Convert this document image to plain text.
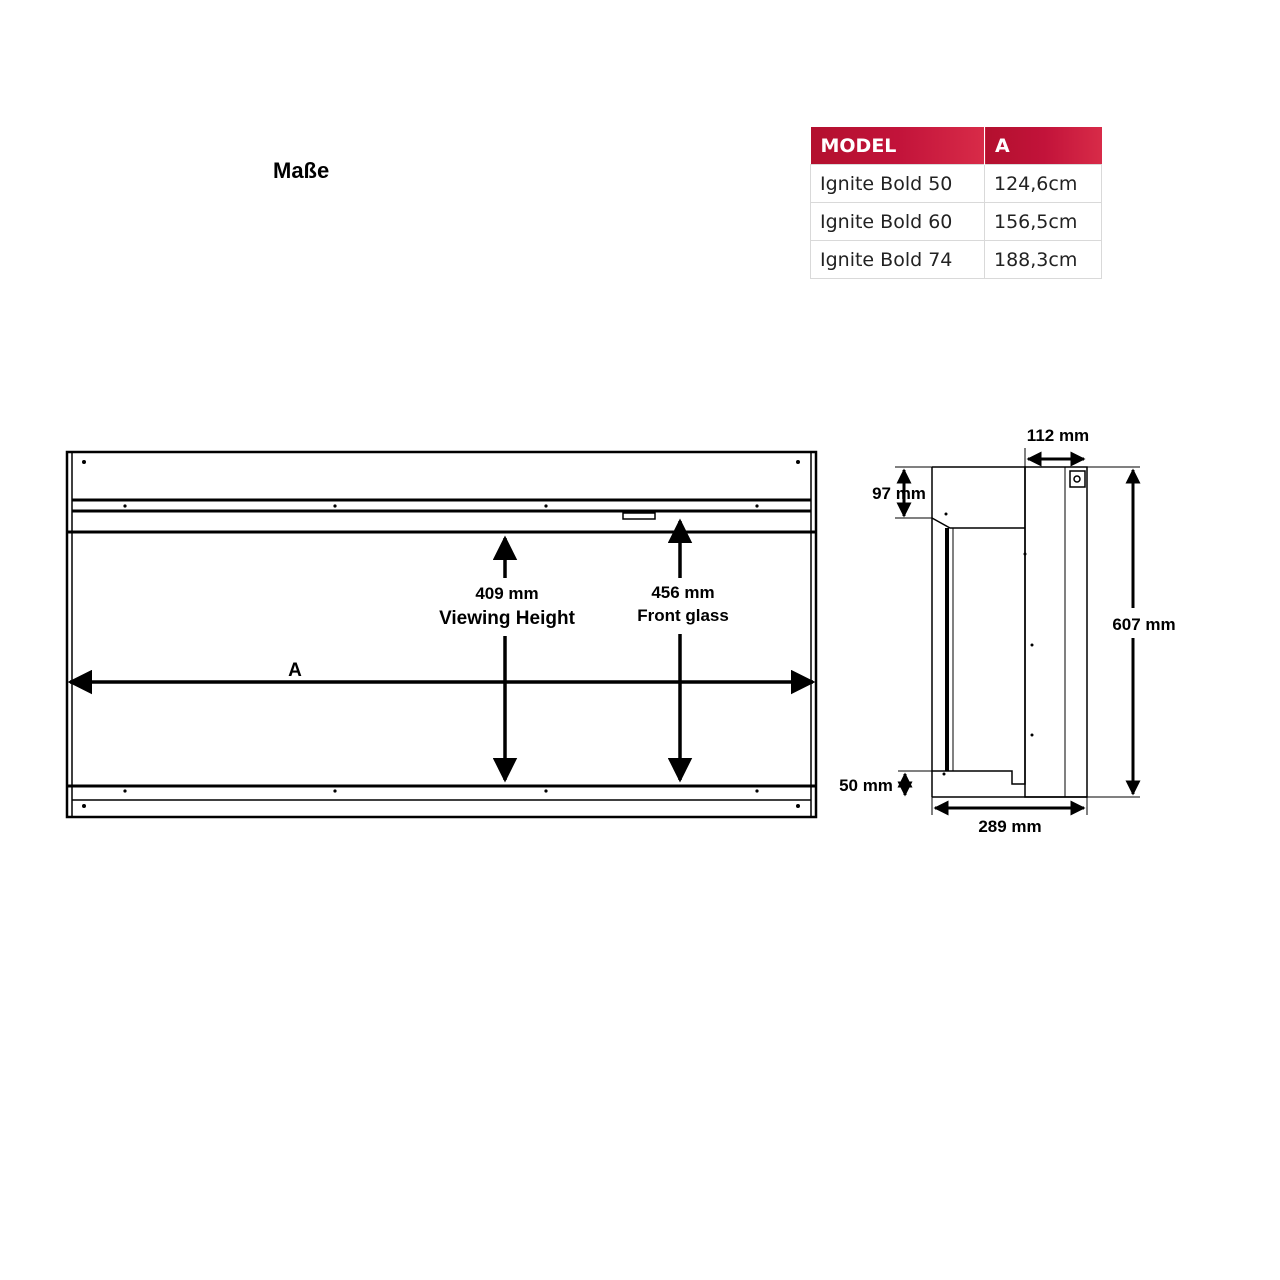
Maße
MODEL	A
Ignite Bold 50	124,6cm
Ignite Bold 60	156,5cm
Ignite Bold 74	188,3cm
A
409 mm
Viewing Height
456 mm
Front glass
112 mm
97 mm
607 mm
50 mm
289 mm
